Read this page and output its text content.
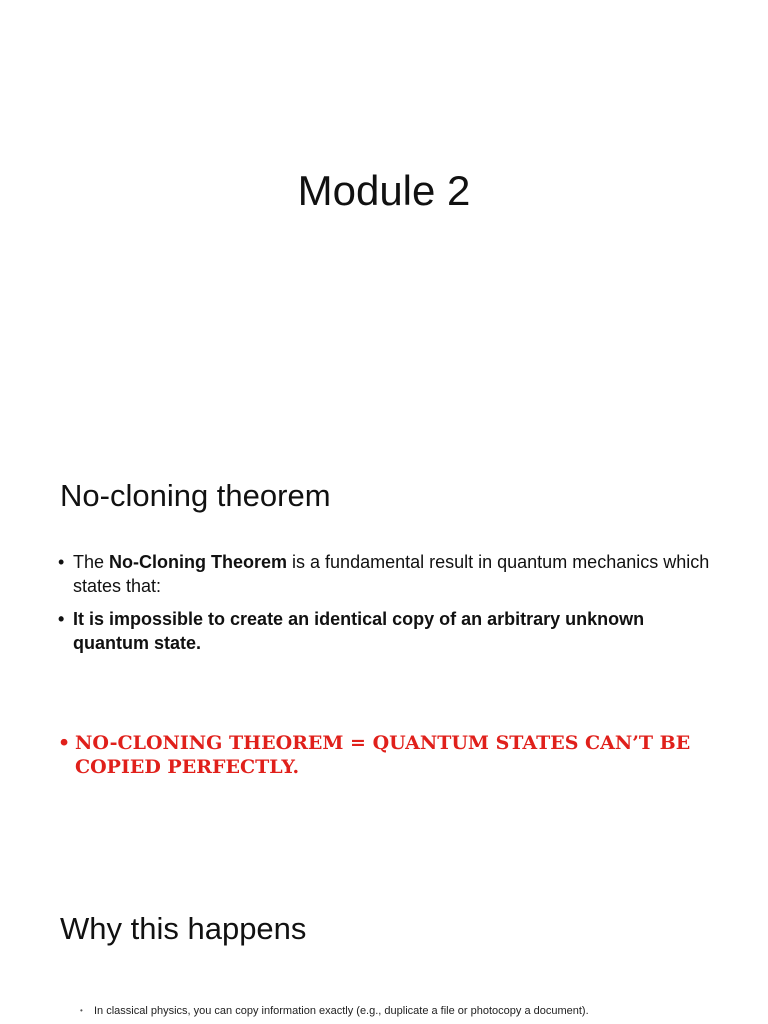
Module 2
No-cloning theorem
• The No-Cloning Theorem is a fundamental result in quantum mechanics which states that:
• It is impossible to create an identical copy of an arbitrary unknown quantum state.
• NO-CLONING THEOREM = QUANTUM STATES CAN’T BE COPIED PERFECTLY.
Why this happens
• In classical physics, you can copy information exactly (e.g., duplicate a file or photocopy a document).
